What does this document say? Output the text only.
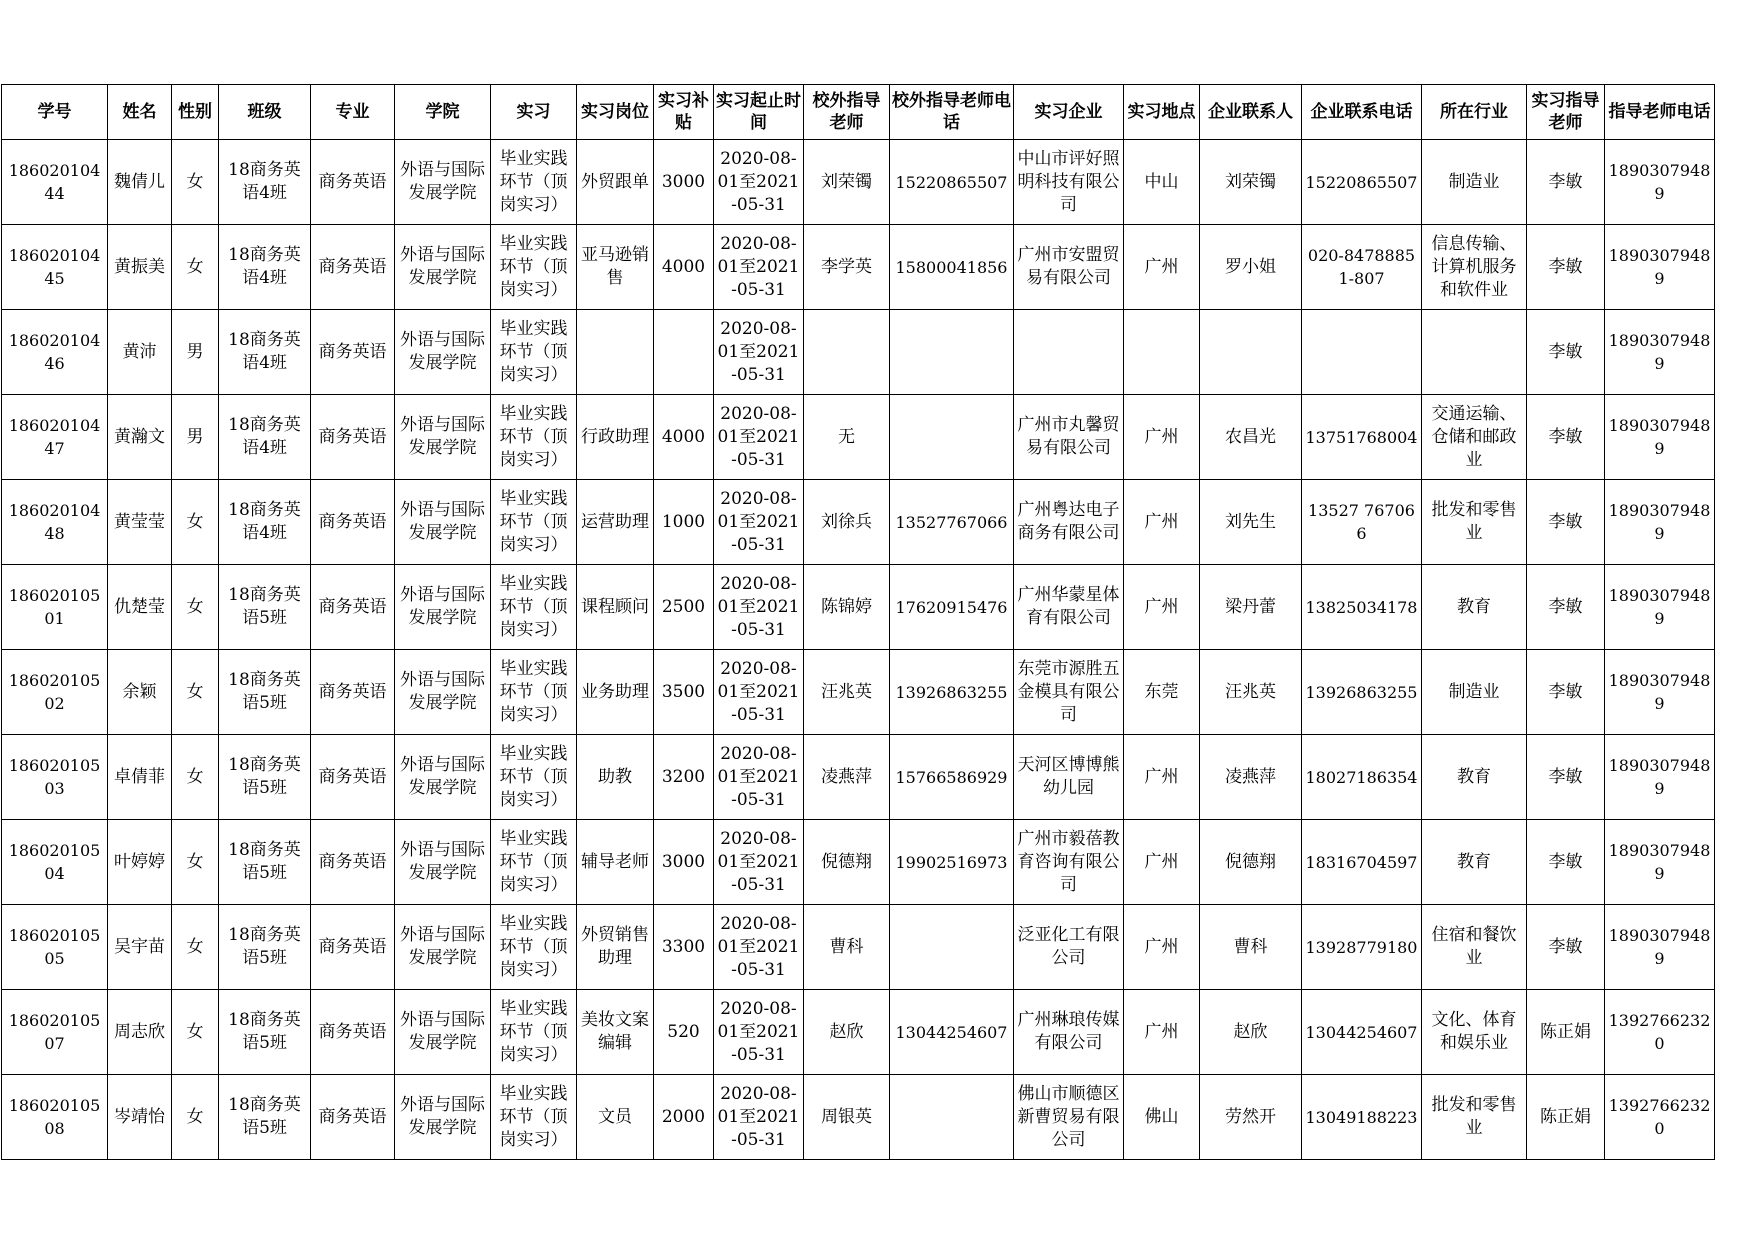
学号	姓名	性别	班级	专业	学院	实习	实习岗位	实习补贴	实习起止时间	校外指导老师	校外指导老师电话	实习企业	实习地点	企业联系人	企业联系电话	所在行业	实习指导老师	指导老师电话

18602010444	魏倩儿	女	18商务英语4班	商务英语	外语与国际发展学院	毕业实践环节（顶岗实习）	外贸跟单	3000	2020-08-01至2021-05-31	刘荣镯	15220865507	中山市评好照明科技有限公司	中山	刘荣镯	15220865507	制造业	李敏	18903079489

18602010445	黄振美	女	18商务英语4班	商务英语	外语与国际发展学院	毕业实践环节（顶岗实习）	亚马逊销售	4000	2020-08-01至2021-05-31	李学英	15800041856	广州市安盟贸易有限公司	广州	罗小姐	020-84788851-807	信息传输、计算机服务和软件业	李敏	18903079489

18602010446	黄沛	男	18商务英语4班	商务英语	外语与国际发展学院	毕业实践环节（顶岗实习）			2020-08-01至2021-05-31								李敏	18903079489

18602010447	黄瀚文	男	18商务英语4班	商务英语	外语与国际发展学院	毕业实践环节（顶岗实习）	行政助理	4000	2020-08-01至2021-05-31	无		广州市丸馨贸易有限公司	广州	农昌光	13751768004	交通运输、仓储和邮政业	李敏	18903079489

18602010448	黄莹莹	女	18商务英语4班	商务英语	外语与国际发展学院	毕业实践环节（顶岗实习）	运营助理	1000	2020-08-01至2021-05-31	刘徐兵	13527767066	广州粤达电子商务有限公司	广州	刘先生	13527 767066	批发和零售业	李敏	18903079489

18602010501	仇楚莹	女	18商务英语5班	商务英语	外语与国际发展学院	毕业实践环节（顶岗实习）	课程顾问	2500	2020-08-01至2021-05-31	陈锦婷	17620915476	广州华蒙星体育有限公司	广州	梁丹蕾	13825034178	教育	李敏	18903079489

18602010502	余颖	女	18商务英语5班	商务英语	外语与国际发展学院	毕业实践环节（顶岗实习）	业务助理	3500	2020-08-01至2021-05-31	汪兆英	13926863255	东莞市源胜五金模具有限公司	东莞	汪兆英	13926863255	制造业	李敏	18903079489

18602010503	卓倩菲	女	18商务英语5班	商务英语	外语与国际发展学院	毕业实践环节（顶岗实习）	助教	3200	2020-08-01至2021-05-31	凌燕萍	15766586929	天河区博博熊幼儿园	广州	凌燕萍	18027186354	教育	李敏	18903079489

18602010504	叶婷婷	女	18商务英语5班	商务英语	外语与国际发展学院	毕业实践环节（顶岗实习）	辅导老师	3000	2020-08-01至2021-05-31	倪德翔	19902516973	广州市毅蓓教育咨询有限公司	广州	倪德翔	18316704597	教育	李敏	18903079489

18602010505	吴宇苗	女	18商务英语5班	商务英语	外语与国际发展学院	毕业实践环节（顶岗实习）	外贸销售助理	3300	2020-08-01至2021-05-31	曹科		泛亚化工有限公司	广州	曹科	13928779180	住宿和餐饮业	李敏	18903079489

18602010507	周志欣	女	18商务英语5班	商务英语	外语与国际发展学院	毕业实践环节（顶岗实习）	美妆文案编辑	520	2020-08-01至2021-05-31	赵欣	13044254607	广州琳琅传媒有限公司	广州	赵欣	13044254607	文化、体育和娱乐业	陈正娟	13927662320

18602010508	岑靖怡	女	18商务英语5班	商务英语	外语与国际发展学院	毕业实践环节（顶岗实习）	文员	2000	2020-08-01至2021-05-31	周银英		佛山市顺德区新曹贸易有限公司	佛山	劳然开	13049188223	批发和零售业	陈正娟	13927662320
